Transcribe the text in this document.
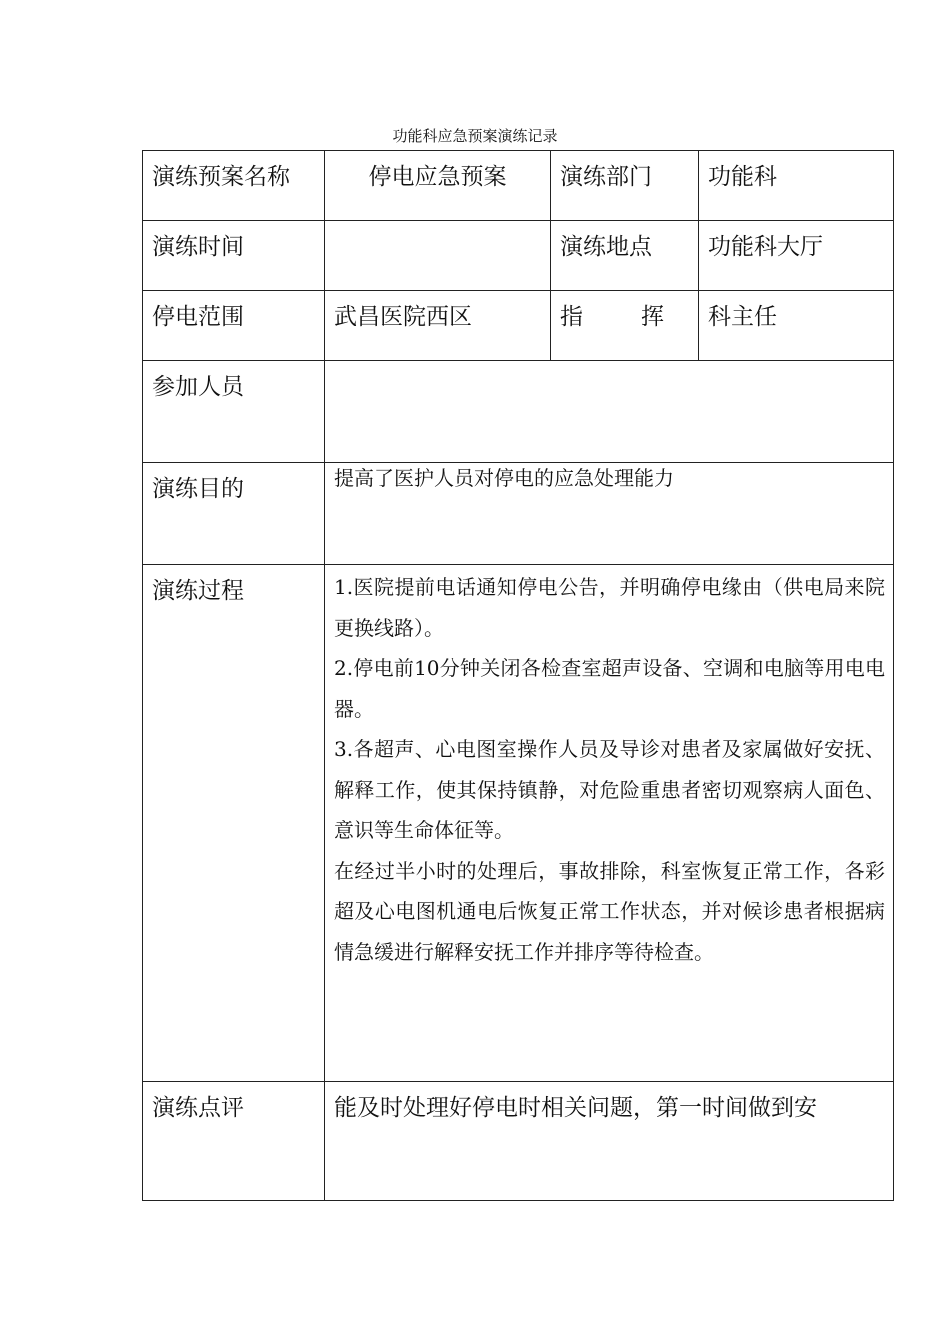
功能科应急预案演练记录
演练预案名称	停电应急预案	演练部门	功能科

演练时间		演练地点	功能科大厅

停电范围	武昌医院西区	指 挥	科主任

参加人员			

演练目的	提高了医护人员对停电的应急处理能力		

演练过程	1.医院提前电话通知停电公告，并明确停电缘由（供电局来院更换线路）。

2.停电前10分钟关闭各检查室超声设备、空调和电脑等用电电器。

3.各超声、心电图室操作人员及导诊对患者及家属做好安抚、解释工作，使其保持镇静，对危险重患者密切观察病人面色、意识等生命体征等。

在经过半小时的处理后，事故排除，科室恢复正常工作，各彩超及心电图机通电后恢复正常工作状态，并对候诊患者根据病情急缓进行解释安抚工作并排序等待检查。		

演练点评	能及时处理好停电时相关问题，第一时间做到安		
